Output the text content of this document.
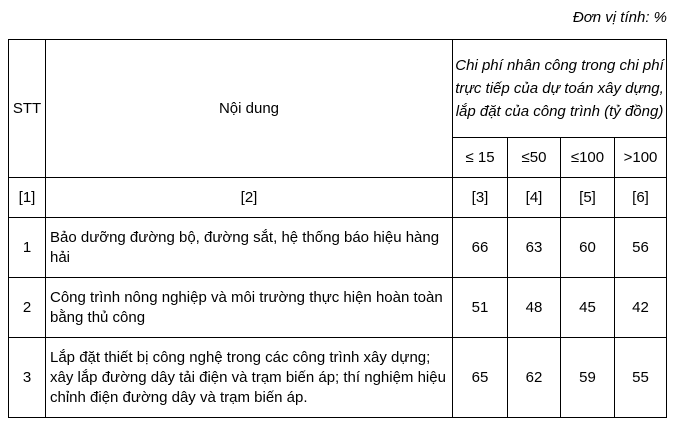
Đơn vị tính: %
STT	Nội dung	Chi phí nhân công trong chi phí trực tiếp của dự toán xây dựng, lắp đặt của công trình (tỷ đồng)			
		≤ 15	≤50	≤100	>100
[1]	[2]	[3]	[4]	[5]	[6]
1	Bảo dưỡng đường bộ, đường sắt, hệ thống báo hiệu hàng hải	66	63	60	56
2	Công trình nông nghiệp và môi trường thực hiện hoàn toàn bằng thủ công	51	48	45	42
3	Lắp đặt thiết bị công nghệ trong các công trình xây dựng; xây lắp đường dây tải điện và trạm biến áp; thí nghiệm hiệu chỉnh điện đường dây và trạm biến áp.	65	62	59	55
